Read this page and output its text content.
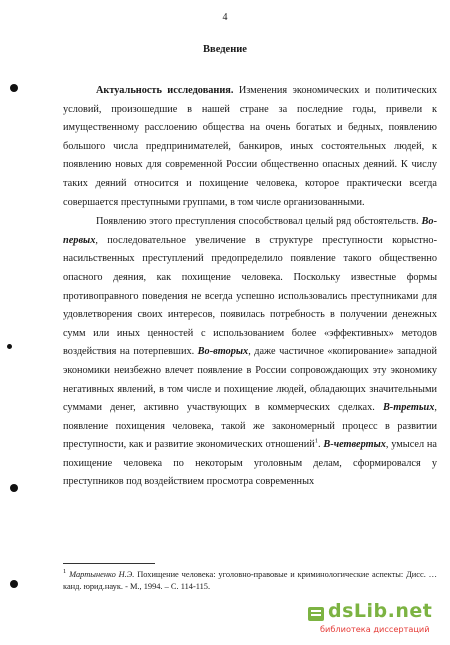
4
Введение

Актуальность исследования. Изменения экономических и политических условий, произошедшие в нашей стране за последние годы, привели к имущественному расслоению общества на очень богатых и бедных, появлению большого числа предпринимателей, банкиров, иных состоятельных людей, к появлению новых для современной России общественно опасных деяний. К числу таких деяний относится и похищение человека, которое практически всегда совершается преступными группами, в том числе организованными.

Появлению этого преступления способствовал целый ряд обстоятельств. Во-первых, последовательное увеличение в структуре преступности корыстно-насильственных преступлений предопределило появление такого общественно опасного деяния, как похищение человека. Поскольку известные формы противоправного поведения не всегда успешно использовались преступниками для удовлетворения своих интересов, появилась потребность в получении денежных сумм или иных ценностей с использованием более «эффективных» методов воздействия на потерпевших. Во-вторых, даже частичное «копирование» западной экономики неизбежно влечет появление в России сопровождающих эту экономику негативных явлений, в том числе и похищение людей, обладающих значительными суммами денег, активно участвующих в коммерческих сделках. В-третьих, появление похищения человека, такой же закономерный процесс в развитии преступности, как и развитие экономических отношений$^1$. В-четвертых, умысел на похищение человека по некоторым уголовным делам, сформировался у преступников под воздействием просмотра современных

$^1$ Мартыненко Н.Э. Похищение человека: уголовно-правовые и криминологические аспекты: Дисс. … канд. юрид.наук. - М., 1994. – С. 114-115.
dsLib.net
библиотека диссертаций
